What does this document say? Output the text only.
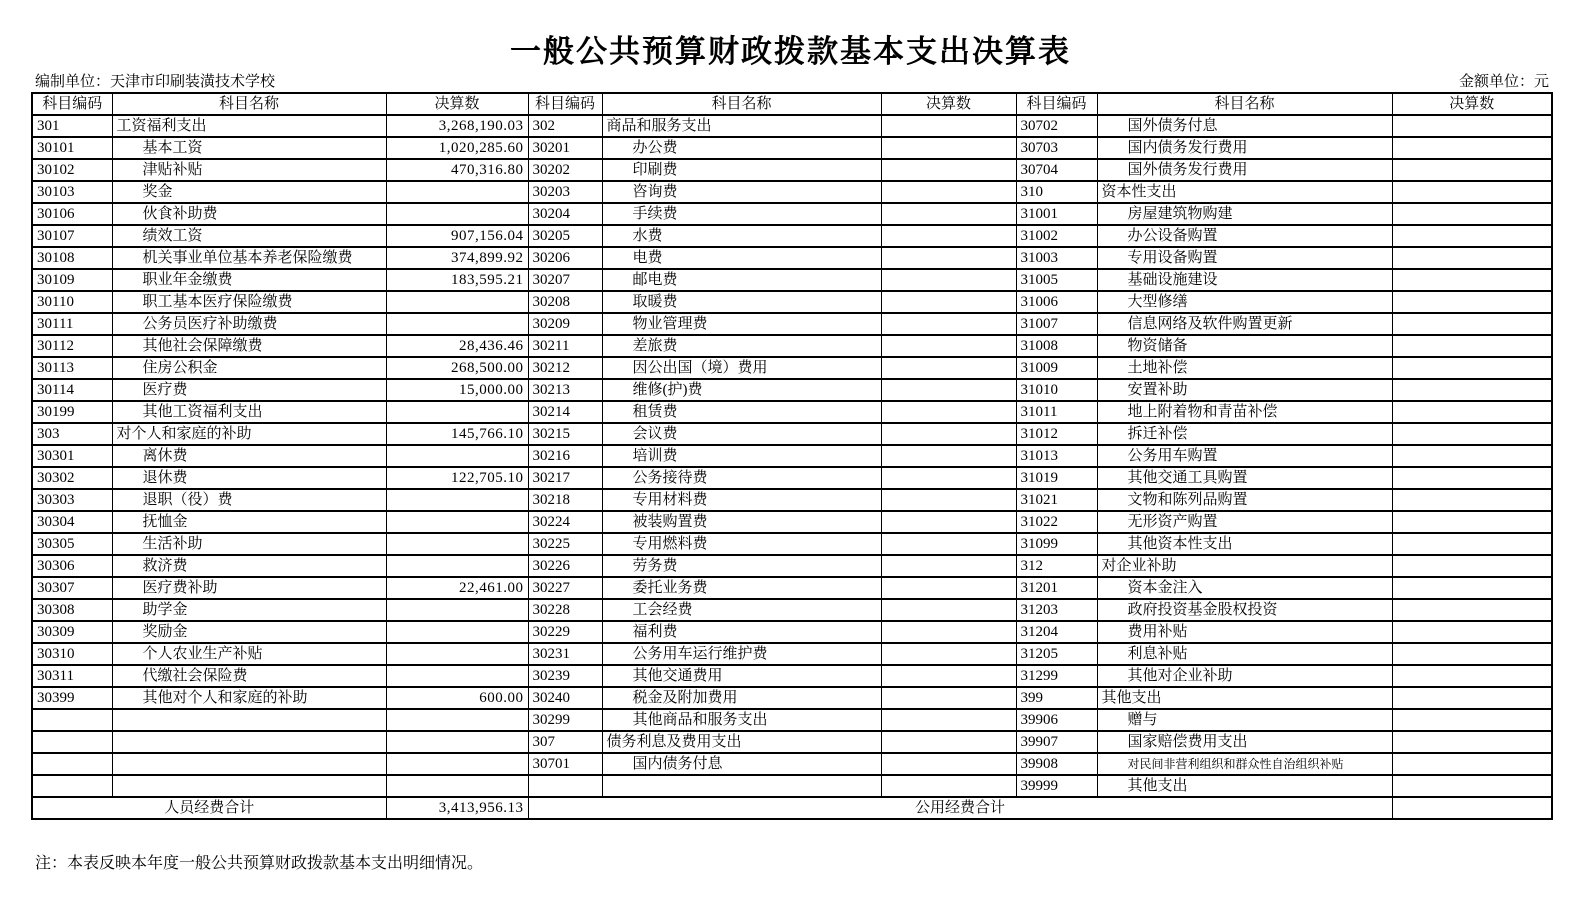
一般公共预算财政拨款基本支出决算表
编制单位：天津市印刷装潢技术学校	金额单位：元
科目编码	科目名称	决算数	科目编码	科目名称	决算数	科目编码	科目名称	决算数
301	工资福利支出	3,268,190.03	302	商品和服务支出		30702	国外债务付息	
30101	基本工资	1,020,285.60	30201	办公费		30703	国内债务发行费用	
30102	津贴补贴	470,316.80	30202	印刷费		30704	国外债务发行费用	
30103	奖金		30203	咨询费		310	资本性支出	
30106	伙食补助费		30204	手续费		31001	房屋建筑物购建	
30107	绩效工资	907,156.04	30205	水费		31002	办公设备购置	
30108	机关事业单位基本养老保险缴费	374,899.92	30206	电费		31003	专用设备购置	
30109	职业年金缴费	183,595.21	30207	邮电费		31005	基础设施建设	
30110	职工基本医疗保险缴费		30208	取暖费		31006	大型修缮	
30111	公务员医疗补助缴费		30209	物业管理费		31007	信息网络及软件购置更新	
30112	其他社会保障缴费	28,436.46	30211	差旅费		31008	物资储备	
30113	住房公积金	268,500.00	30212	因公出国（境）费用		31009	土地补偿	
30114	医疗费	15,000.00	30213	维修(护)费		31010	安置补助	
30199	其他工资福利支出		30214	租赁费		31011	地上附着物和青苗补偿	
303	对个人和家庭的补助	145,766.10	30215	会议费		31012	拆迁补偿	
30301	离休费		30216	培训费		31013	公务用车购置	
30302	退休费	122,705.10	30217	公务接待费		31019	其他交通工具购置	
30303	退职（役）费		30218	专用材料费		31021	文物和陈列品购置	
30304	抚恤金		30224	被装购置费		31022	无形资产购置	
30305	生活补助		30225	专用燃料费		31099	其他资本性支出	
30306	救济费		30226	劳务费		312	对企业补助	
30307	医疗费补助	22,461.00	30227	委托业务费		31201	资本金注入	
30308	助学金		30228	工会经费		31203	政府投资基金股权投资	
30309	奖励金		30229	福利费		31204	费用补贴	
30310	个人农业生产补贴		30231	公务用车运行维护费		31205	利息补贴	
30311	代缴社会保险费		30239	其他交通费用		31299	其他对企业补助	
30399	其他对个人和家庭的补助	600.00	30240	税金及附加费用		399	其他支出	
			30299	其他商品和服务支出		39906	赠与	
			307	债务利息及费用支出		39907	国家赔偿费用支出	
			30701	国内债务付息		39908	对民间非营利组织和群众性自治组织补贴	
						39999	其他支出	
人员经费合计		3,413,956.13	公用经费合计					
注：本表反映本年度一般公共预算财政拨款基本支出明细情况。
